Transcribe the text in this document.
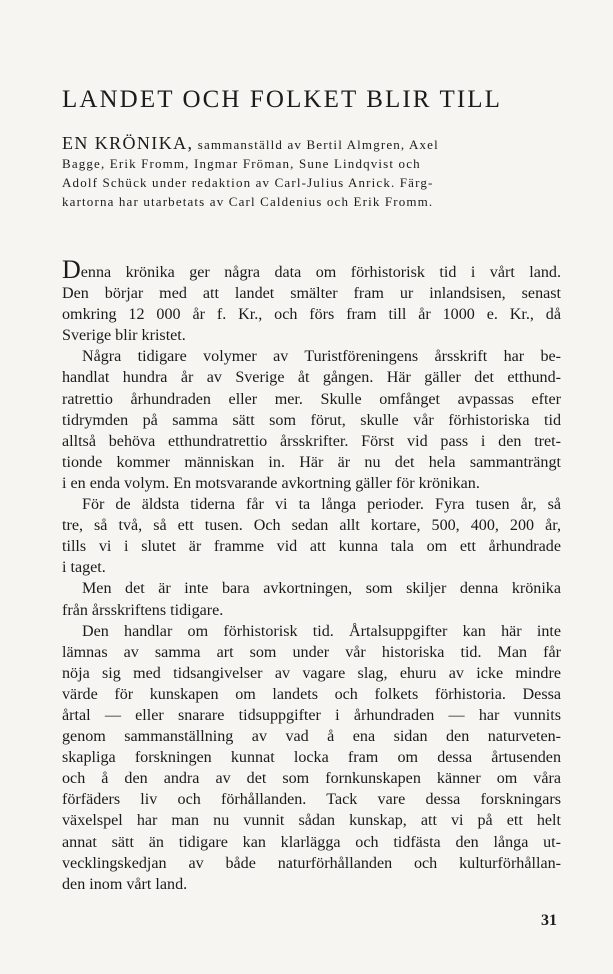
LANDET OCH FOLKET BLIR TILL

EN KRÖNIKA, sammanställd av Bertil Almgren, Axel
Bagge, Erik Fromm, Ingmar Fröman, Sune Lindqvist och
Adolf Schück under redaktion av Carl-Julius Anrick. Färg-
kartorna har utarbetats av Carl Caldenius och Erik Fromm.

Denna krönika ger några data om förhistorisk tid i vårt land.
Den börjar med att landet smälter fram ur inlandsisen, senast
omkring 12 000 år f. Kr., och förs fram till år 1000 e. Kr., då
Sverige blir kristet.
Några tidigare volymer av Turistföreningens årsskrift har be-
handlat hundra år av Sverige åt gången. Här gäller det etthund-
ratrettio århundraden eller mer. Skulle omfånget avpassas efter
tidrymden på samma sätt som förut, skulle vår förhistoriska tid
alltså behöva etthundratrettio årsskrifter. Först vid pass i den tret-
tionde kommer människan in. Här är nu det hela sammanträngt
i en enda volym. En motsvarande avkortning gäller för krönikan.
För de äldsta tiderna får vi ta långa perioder. Fyra tusen år, så
tre, så två, så ett tusen. Och sedan allt kortare, 500, 400, 200 år,
tills vi i slutet är framme vid att kunna tala om ett århundrade
i taget.
Men det är inte bara avkortningen, som skiljer denna krönika
från årsskriftens tidigare.
Den handlar om förhistorisk tid. Årtalsuppgifter kan här inte
lämnas av samma art som under vår historiska tid. Man får
nöja sig med tidsangivelser av vagare slag, ehuru av icke mindre
värde för kunskapen om landets och folkets förhistoria. Dessa
årtal — eller snarare tidsuppgifter i århundraden — har vunnits
genom sammanställning av vad å ena sidan den naturveten-
skapliga forskningen kunnat locka fram om dessa årtusenden
och å den andra av det som fornkunskapen känner om våra
förfäders liv och förhållanden. Tack vare dessa forskningars
växelspel har man nu vunnit sådan kunskap, att vi på ett helt
annat sätt än tidigare kan klarlägga och tidfästa den långa ut-
vecklingskedjan av både naturförhållanden och kulturförhållan-
den inom vårt land.

31
